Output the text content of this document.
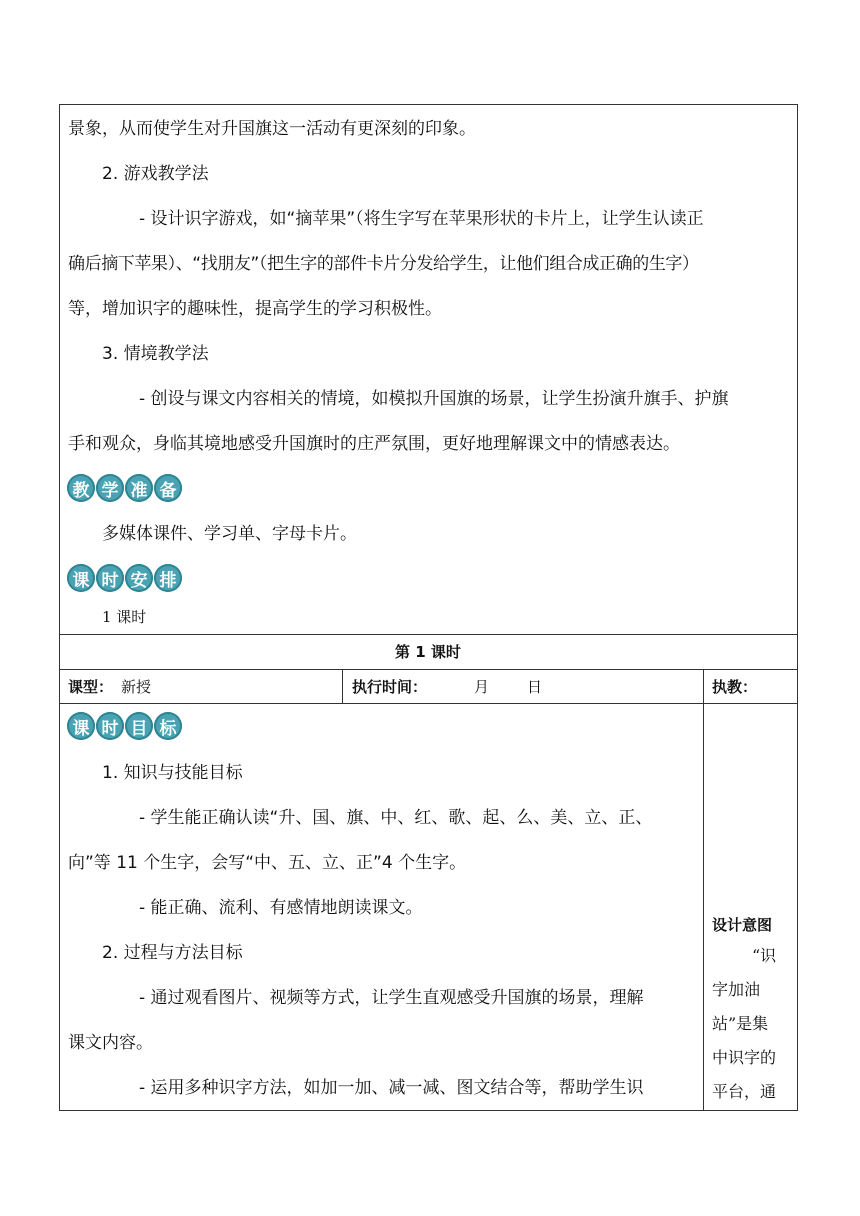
景象，从而使学生对升国旗这一活动有更深刻的印象。
2. 游戏教学法
- 设计识字游戏，如“摘苹果”（将生字写在苹果形状的卡片上，让学生认读正
确后摘下苹果）、“找朋友”（把生字的部件卡片分发给学生，让他们组合成正确的生字）
等，增加识字的趣味性，提高学生的学习积极性。
3. 情境教学法
- 创设与课文内容相关的情境，如模拟升国旗的场景，让学生扮演升旗手、护旗
手和观众，身临其境地感受升国旗时的庄严氛围，更好地理解课文中的情感表达。
教 学 准 备
多媒体课件、学习单、字母卡片。
课 时 安 排
1 课时
第 1 课时
课型： 新授	执行时间：	月	日	执教：
课 时 目 标
1. 知识与技能目标
- 学生能正确认读“升、国、旗、中、红、歌、起、么、美、立、正、
向”等 11 个生字，会写“中、五、立、正”4 个生字。
- 能正确、流利、有感情地朗读课文。
2. 过程与方法目标
- 通过观看图片、视频等方式，让学生直观感受升国旗的场景，理解
课文内容。
- 运用多种识字方法，如加一加、减一减、图文结合等，帮助学生识
设计意图
“识
字加油
站”是集
中识字的
平台，通
